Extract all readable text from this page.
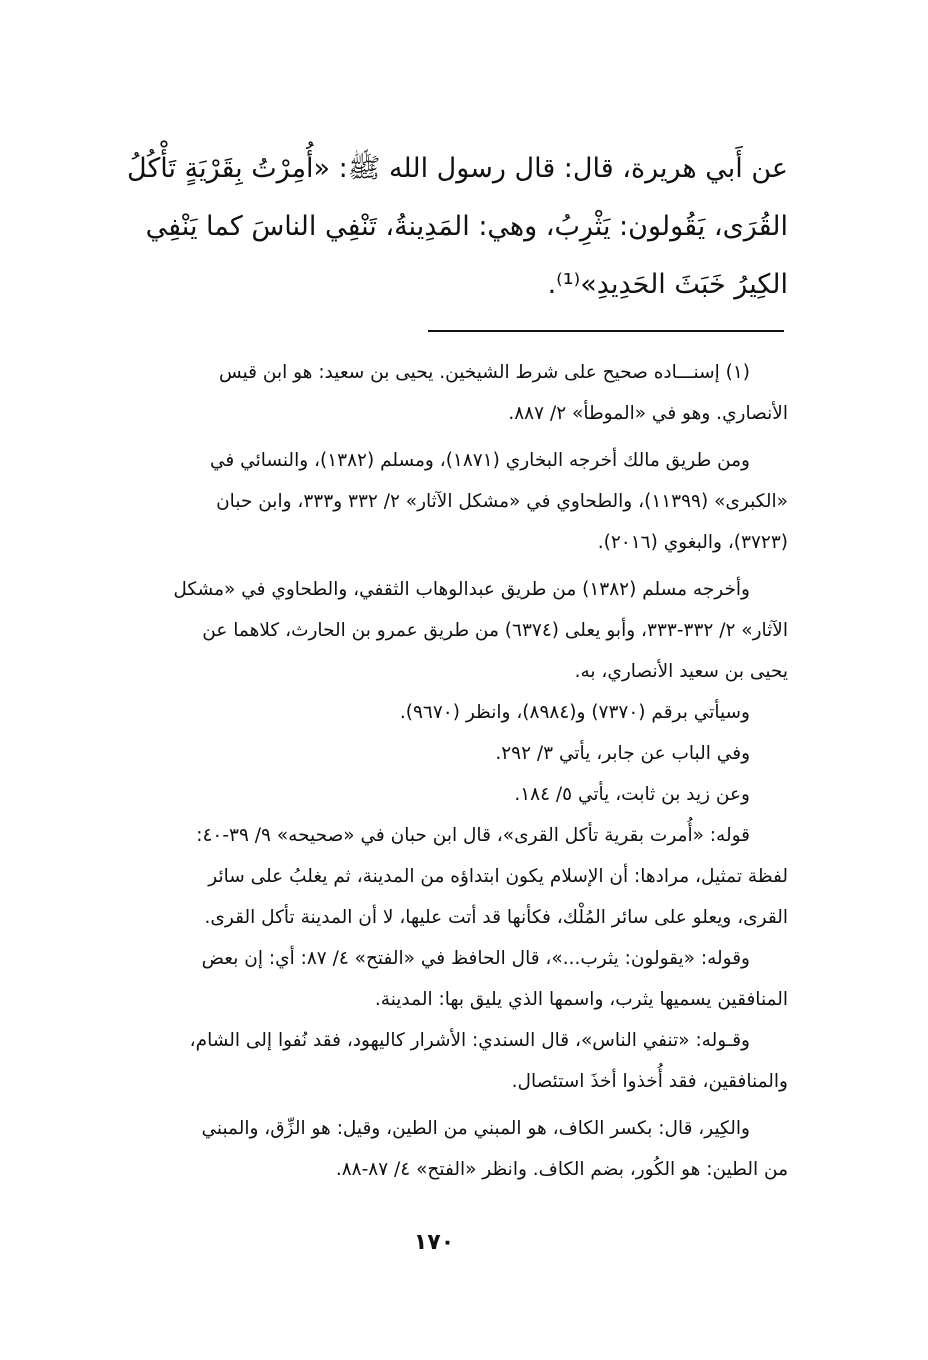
عن أَبي هريرة، قال: قال رسول الله ﷺ: «أُمِرْتُ بِقَرْيَةٍ تَأْكُلُ
القُرَى، يَقُولون: يَثْرِبُ، وهي: المَدِينةُ، تَنْفِي الناسَ كما يَنْفِي
الكِيرُ خَبَثَ الحَدِيدِ»⁽¹⁾.
(١) إسنـــاده صحيح على شرط الشيخين. يحيى بن سعيد: هو ابن قيس
الأنصاري. وهو في «الموطأ» ٢/ ٨٨٧.
ومن طريق مالك أخرجه البخاري (١٨٧١)، ومسلم (١٣٨٢)، والنسائي في
«الكبرى» (١١٣٩٩)، والطحاوي في «مشكل الآثار» ٢/ ٣٣٢ و٣٣٣، وابن حبان
(٣٧٢٣)، والبغوي (٢٠١٦).
وأخرجه مسلم (١٣٨٢) من طريق عبدالوهاب الثقفي، والطحاوي في «مشكل
الآثار» ٢/ ٣٣٢-٣٣٣، وأبو يعلى (٦٣٧٤) من طريق عمرو بن الحارث، كلاهما عن
يحيى بن سعيد الأنصاري، به.
وسيأتي برقم (٧٣٧٠) و(٨٩٨٤)، وانظر (٩٦٧٠).
وفي الباب عن جابر، يأتي ٣/ ٢٩٢.
وعن زيد بن ثابت، يأتي ٥/ ١٨٤.
قوله: «أُمرت بقرية تأكل القرى»، قال ابن حبان في «صحيحه» ٩/ ٣٩-٤٠:
لفظة تمثيل، مرادها: أن الإسلام يكون ابتداؤه من المدينة، ثم يغلبُ على سائر
القرى، ويعلو على سائر المُلْك، فكأنها قد أتت عليها، لا أن المدينة تأكل القرى.
وقوله: «يقولون: يثرب...»، قال الحافظ في «الفتح» ٤/ ٨٧: أي: إن بعض
المنافقين يسميها يثرب، واسمها الذي يليق بها: المدينة.
وقـوله: «تنفي الناس»، قال السندي: الأشرار كاليهود، فقد نُفوا إلى الشام،
والمنافقين، فقد أُخذوا أخذَ استئصال.
والكِير، قال: بكسر الكاف، هو المبني من الطين، وقيل: هو الزِّق، والمبني
من الطين: هو الكُور، بضم الكاف. وانظر «الفتح» ٤/ ٨٧-٨٨.
١٧٠
